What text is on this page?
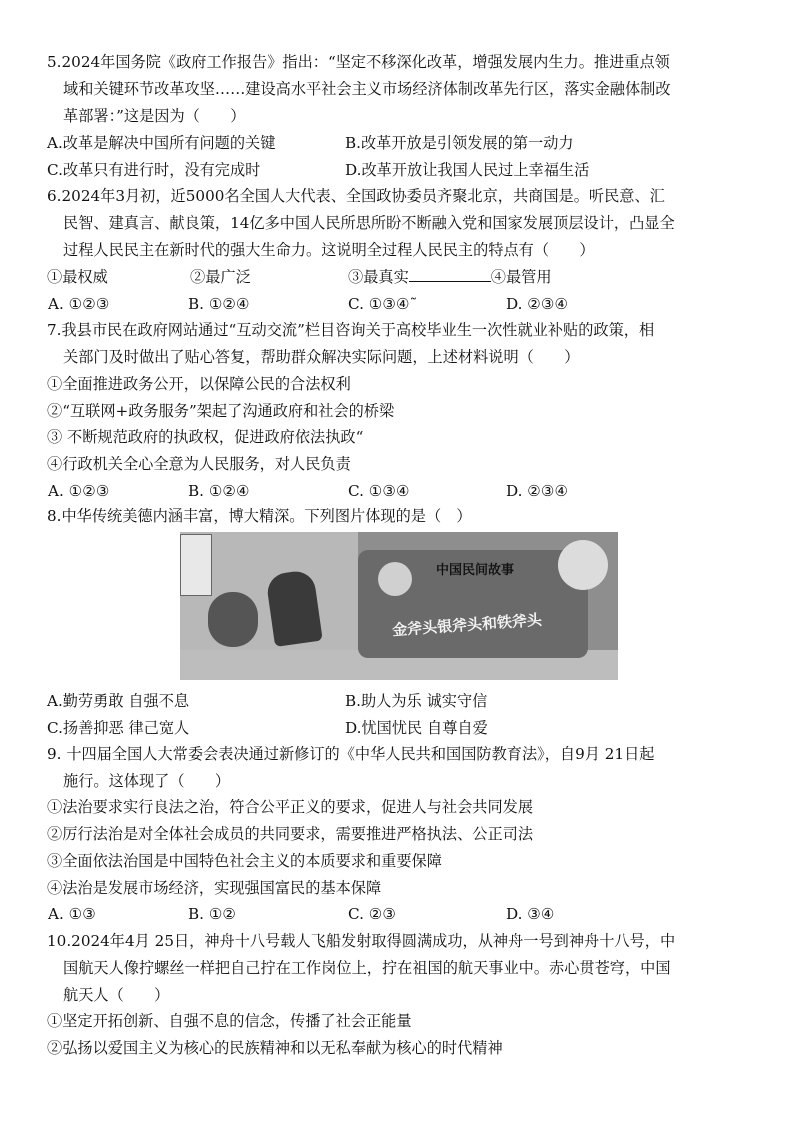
5.2024年国务院《政府工作报告》指出：“坚定不移深化改革，增强发展内生力。推进重点领
域和关键环节改革攻坚……建设高水平社会主义市场经济体制改革先行区，落实金融体制改
革部署：”这是因为（　　）
A.改革是解决中国所有问题的关键	B.改革开放是引领发展的第一动力
C.改革只有进行时，没有完成时	D.改革开放让我国人民过上幸福生活
6.2024年3月初，近5000名全国人大代表、全国政协委员齐聚北京，共商国是。听民意、汇
民智、建真言、献良策，14亿多中国人民所思所盼不断融入党和国家发展顶层设计，凸显全
过程人民民主在新时代的强大生命力。这说明全过程人民民主的特点有（　　）
①最权威	②最广泛	③最真实	④最管用
A. ①②③	B. ①②④	C. ①③④˜	D. ②③④
7.我县市民在政府网站通过“互动交流”栏目咨询关于高校毕业生一次性就业补贴的政策，相
关部门及时做出了贴心答复，帮助群众解决实际问题，上述材料说明（　　）
①全面推进政务公开，以保障公民的合法权利
②“互联网+政务服务”架起了沟通政府和社会的桥梁
③ 不断规范政府的执政权，促进政府依法执政“
④行政机关全心全意为人民服务，对人民负责
A. ①②③	B. ①②④	C. ①③④	D. ②③④
8.中华传统美德内涵丰富，博大精深。下列图片体现的是（　）
中国民间故事
金斧头银斧头和铁斧头
A.勤劳勇敢 自强不息	B.助人为乐 诚实守信
C.扬善抑恶 律己宽人	D.忧国忧民 自尊自爱
9. 十四届全国人大常委会表决通过新修订的《中华人民共和国国防教育法》，自9月 21日起
施行。这体现了（　　）
①法治要求实行良法之治，符合公平正义的要求，促进人与社会共同发展
②厉行法治是对全体社会成员的共同要求，需要推进严格执法、公正司法
③全面依法治国是中国特色社会主义的本质要求和重要保障
④法治是发展市场经济，实现强国富民的基本保障
A. ①③	B. ①②	C. ②③	D. ③④
10.2024年4月 25日，神舟十八号载人飞船发射取得圆满成功，从神舟一号到神舟十八号，中
国航天人像拧螺丝一样把自己拧在工作岗位上，拧在祖国的航天事业中。赤心贯苍穹，中国
航天人（　　）
①坚定开拓创新、自强不息的信念，传播了社会正能量
②弘扬以爱国主义为核心的民族精神和以无私奉献为核心的时代精神
